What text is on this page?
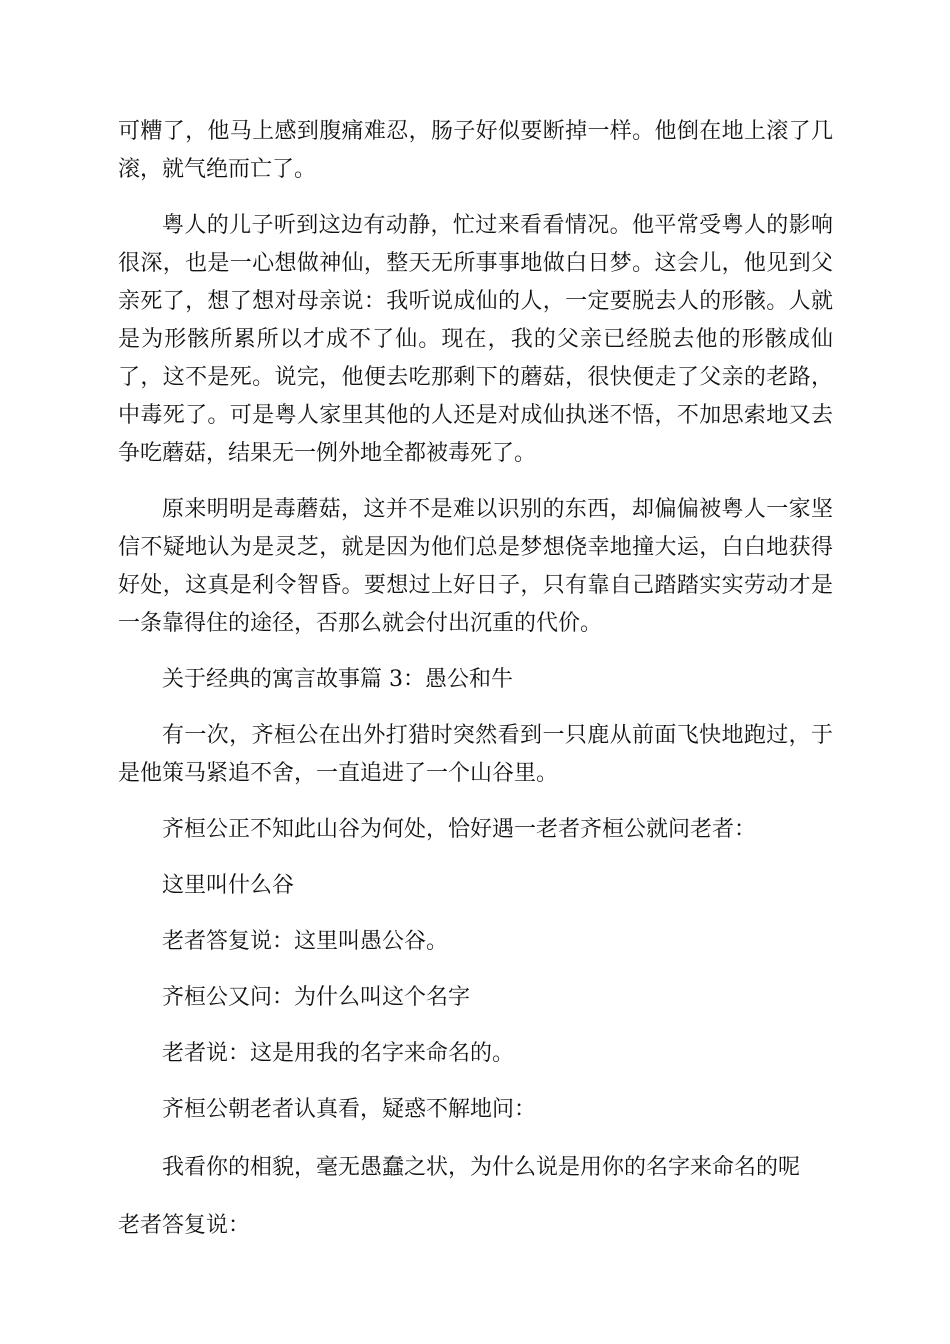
可糟了，他马上感到腹痛难忍，肠子好似要断掉一样。他倒在地上滚了几滚，就气绝而亡了。

粤人的儿子听到这边有动静，忙过来看看情况。他平常受粤人的影响很深，也是一心想做神仙，整天无所事事地做白日梦。这会儿，他见到父亲死了，想了想对母亲说：我听说成仙的人，一定要脱去人的形骸。人就是为形骸所累所以才成不了仙。现在，我的父亲已经脱去他的形骸成仙了，这不是死。说完，他便去吃那剩下的蘑菇，很快便走了父亲的老路，中毒死了。可是粤人家里其他的人还是对成仙执迷不悟，不加思索地又去争吃蘑菇，结果无一例外地全都被毒死了。

原来明明是毒蘑菇，这并不是难以识别的东西，却偏偏被粤人一家坚信不疑地认为是灵芝，就是因为他们总是梦想侥幸地撞大运，白白地获得好处，这真是利令智昏。要想过上好日子，只有靠自己踏踏实实劳动才是一条靠得住的途径，否那么就会付出沉重的代价。

关于经典的寓言故事篇 3：愚公和牛

有一次，齐桓公在出外打猎时突然看到一只鹿从前面飞快地跑过，于是他策马紧追不舍，一直追进了一个山谷里。

齐桓公正不知此山谷为何处，恰好遇一老者齐桓公就问老者：

这里叫什么谷

老者答复说：这里叫愚公谷。

齐桓公又问：为什么叫这个名字

老者说：这是用我的名字来命名的。

齐桓公朝老者认真看，疑惑不解地问：

我看你的相貌，毫无愚蠢之状，为什么说是用你的名字来命名的呢

老者答复说：
